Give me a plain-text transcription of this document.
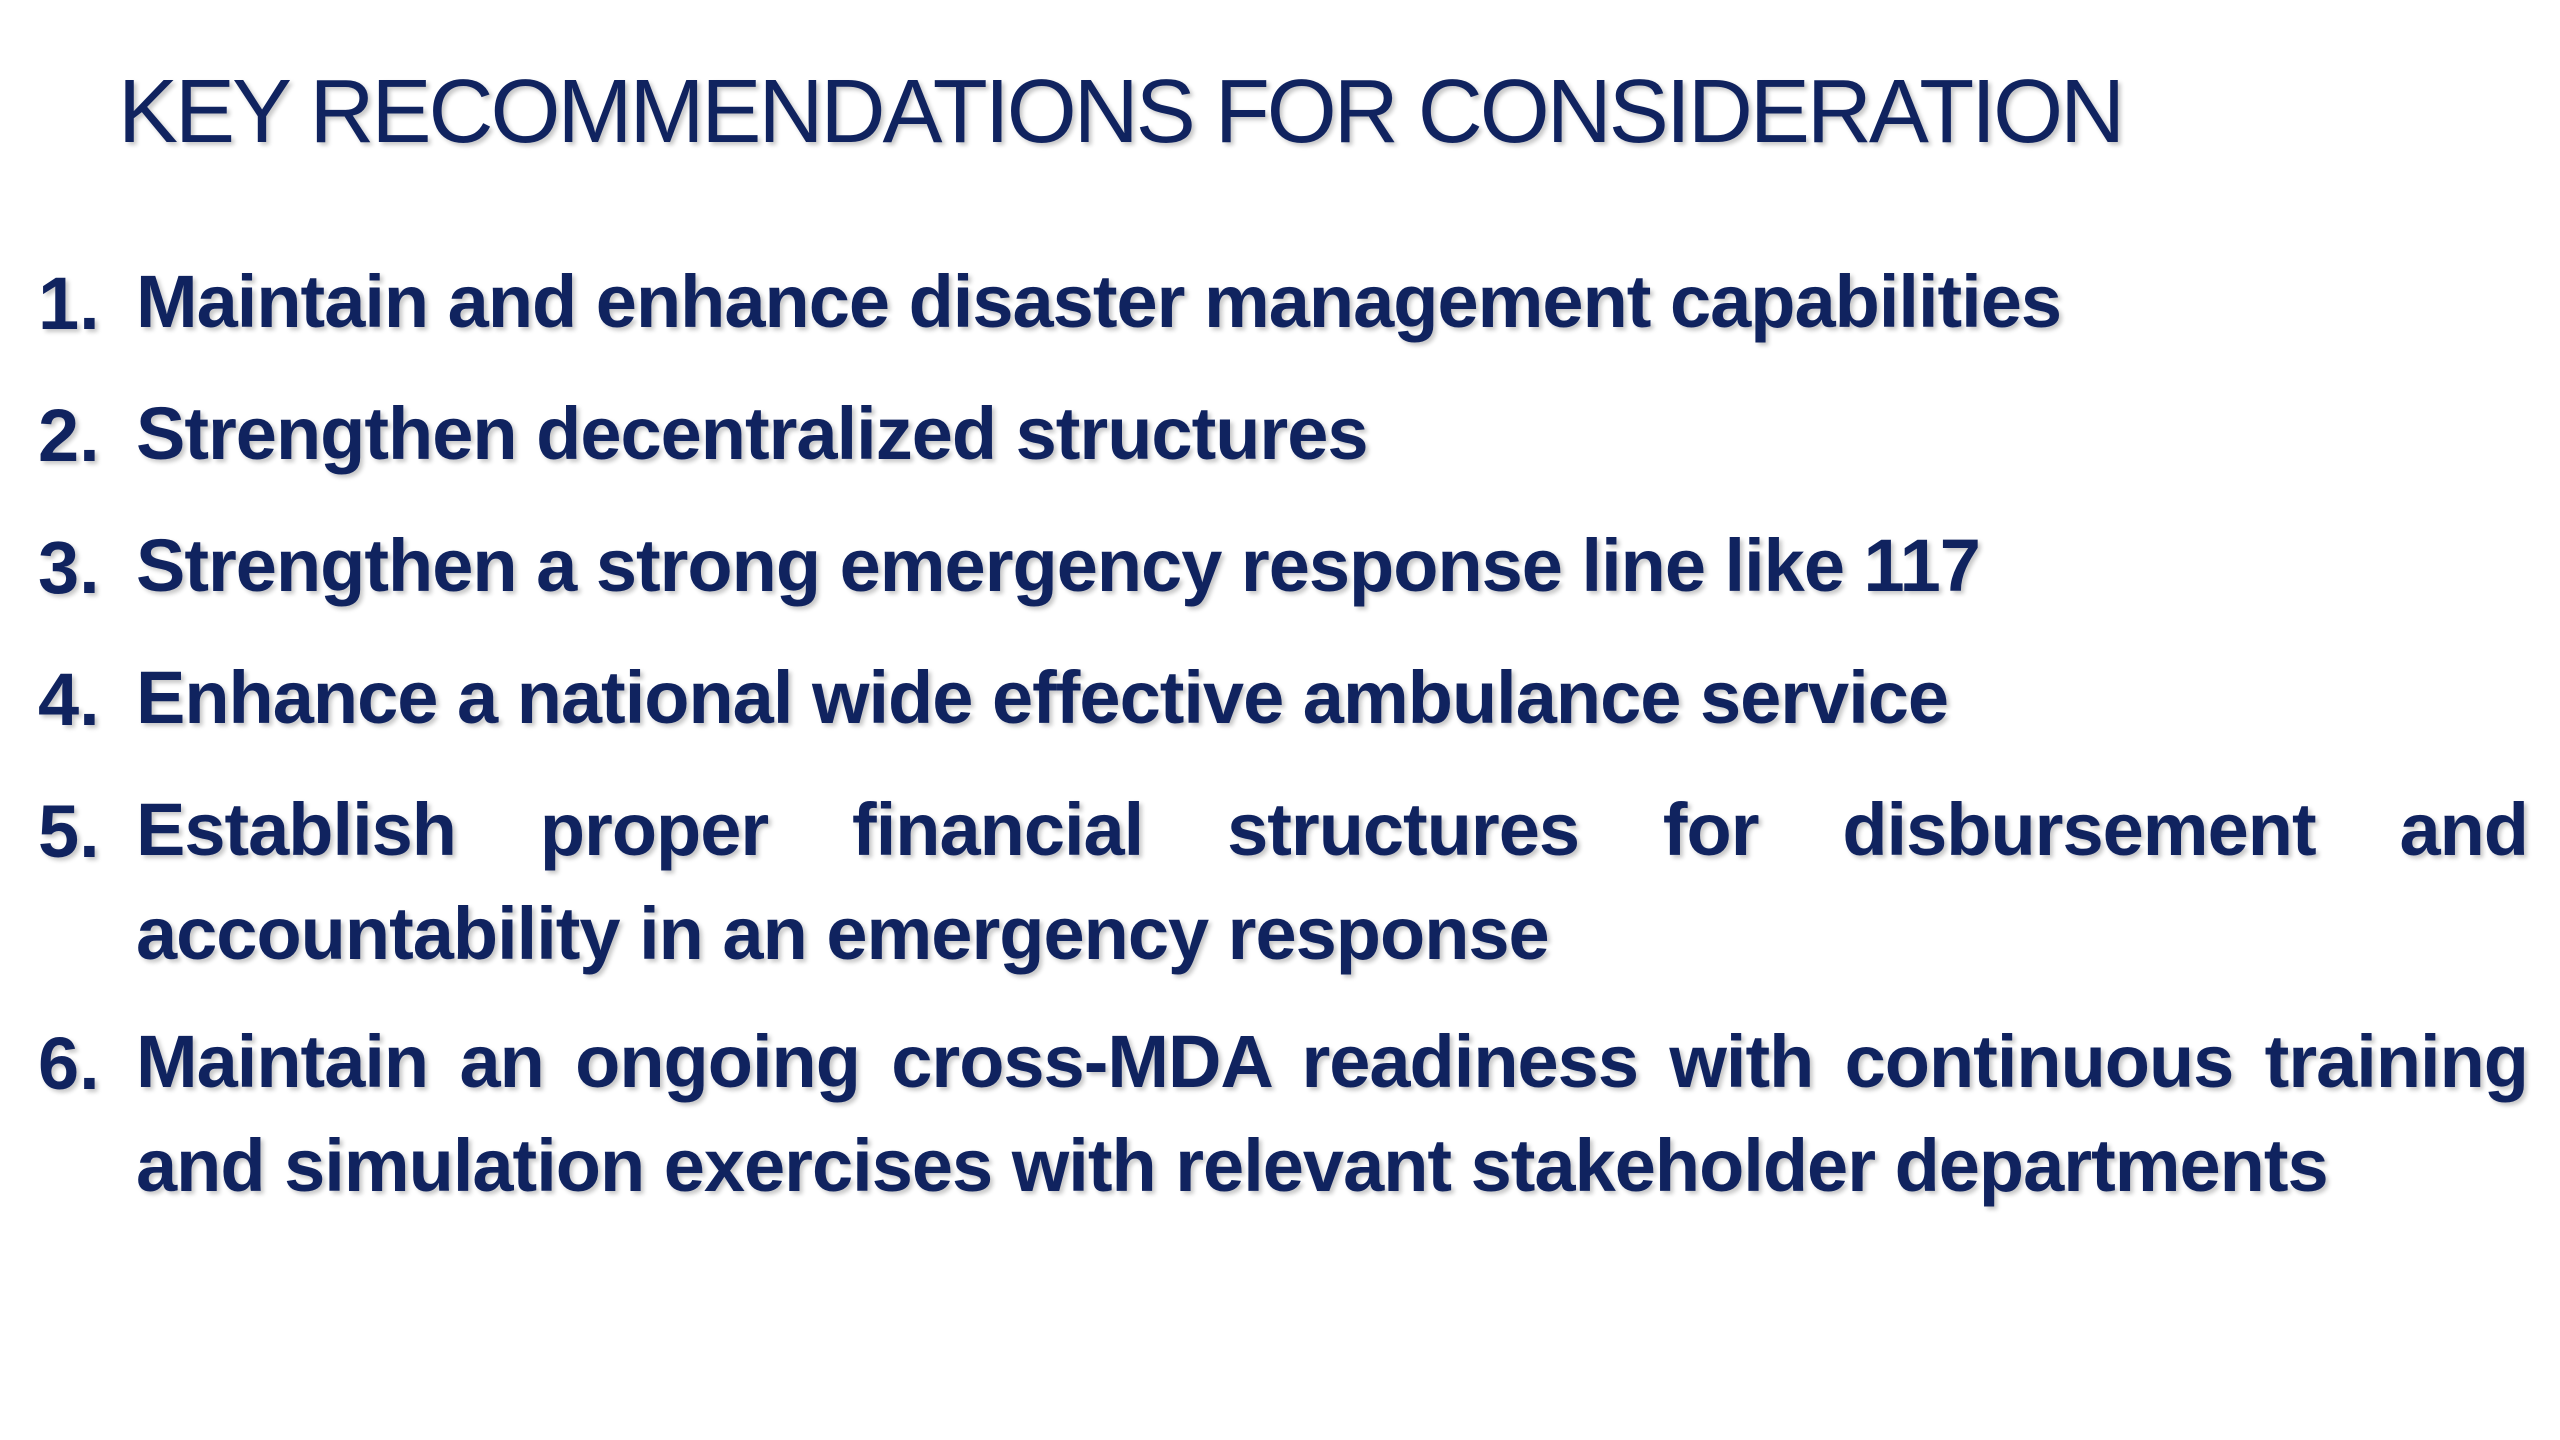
KEY RECOMMENDATIONS FOR CONSIDERATION
1. Maintain and enhance disaster management capabilities
2. Strengthen decentralized structures
3. Strengthen a strong emergency response line like 117
4. Enhance a national wide effective ambulance service
5. Establish proper financial structures for disbursement and accountability in an emergency response
6. Maintain an ongoing cross-MDA readiness with continuous training and simulation exercises with relevant stakeholder departments
